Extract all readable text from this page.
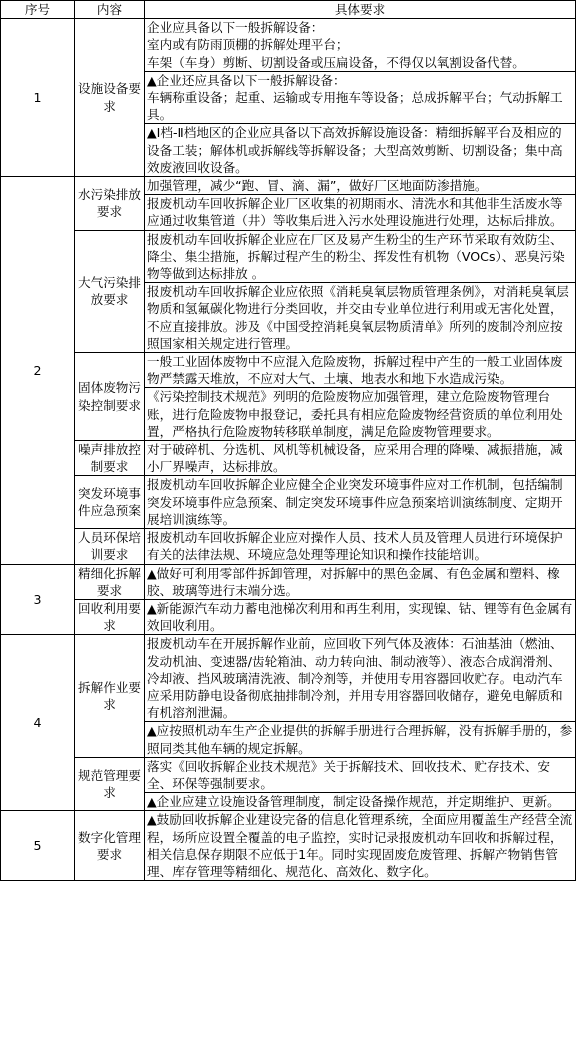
序号	内容	具体要求
1	设施设备要求	企业应具备以下一般拆解设备：
室内或有防雨顶棚的拆解处理平台；
车架（车身）剪断、切割设备或压扁设备，不得仅以氧割设备代替。
		▲企业还应具备以下一般拆解设备：
车辆称重设备；起重、运输或专用拖车等设备；总成拆解平台；气动拆解工具。
		▲Ⅰ档-Ⅱ档地区的企业应具备以下高效拆解设施设备：精细拆解平台及相应的设备工装；解体机或拆解线等拆解设备；大型高效剪断、切割设备；集中高效废液回收设备。
2	水污染排放要求	加强管理，减少“跑、冒、滴、漏”，做好厂区地面防渗措施。
		报废机动车回收拆解企业厂区收集的初期雨水、清洗水和其他非生活废水等应通过收集管道（井）等收集后进入污水处理设施进行处理，达标后排放。
	大气污染排放要求	报废机动车回收拆解企业应在厂区及易产生粉尘的生产环节采取有效防尘、降尘、集尘措施，拆解过程产生的粉尘、挥发性有机物（VOCs）、恶臭污染物等做到达标排放 。
		报废机动车回收拆解企业应依照《消耗臭氧层物质管理条例》，对消耗臭氧层物质和氢氟碳化物进行分类回收，并交由专业单位进行利用或无害化处置，不应直接排放。涉及《中国受控消耗臭氧层物质清单》所列的废制冷剂应按照国家相关规定进行管理。
	固体废物污染控制要求	一般工业固体废物中不应混入危险废物，拆解过程中产生的一般工业固体废物严禁露天堆放，不应对大气、土壤、地表水和地下水造成污染。
		《污染控制技术规范》列明的危险废物应加强管理，建立危险废物管理台账，进行危险废物申报登记，委托具有相应危险废物经营资质的单位利用处置，严格执行危险废物转移联单制度，满足危险废物管理要求。
	噪声排放控制要求	对于破碎机、分选机、风机等机械设备，应采用合理的降噪、减振措施，减小厂界噪声，达标排放。
	突发环境事件应急预案	报废机动车回收拆解企业应健全企业突发环境事件应对工作机制，包括编制突发环境事件应急预案、制定突发环境事件应急预案培训演练制度、定期开展培训演练等。
	人员环保培训要求	报废机动车回收拆解企业应对操作人员、技术人员及管理人员进行环境保护有关的法律法规、环境应急处理等理论知识和操作技能培训。
3	精细化拆解要求	▲做好可利用零部件拆卸管理，对拆解中的黑色金属、有色金属和塑料、橡胶、玻璃等进行末端分选。
	回收利用要求	▲新能源汽车动力蓄电池梯次利用和再生利用，实现镍、钴、锂等有色金属有效回收利用。
4	拆解作业要求	报废机动车在开展拆解作业前，应回收下列气体及液体：石油基油（燃油、发动机油、变速器/齿轮箱油、动力转向油、制动液等）、液态合成润滑剂、冷却液、挡风玻璃清洗液、制冷剂等，并使用专用容器回收贮存。电动汽车应采用防静电设备彻底抽排制冷剂，并用专用容器回收储存，避免电解质和有机溶剂泄漏。
		▲应按照机动车生产企业提供的拆解手册进行合理拆解，没有拆解手册的，参照同类其他车辆的规定拆解。
	规范管理要求	落实《回收拆解企业技术规范》关于拆解技术、回收技术、贮存技术、安全、环保等强制要求。
		▲企业应建立设施设备管理制度，制定设备操作规范，并定期维护、更新。
5	数字化管理要求	▲鼓励回收拆解企业建设完备的信息化管理系统，全面应用覆盖生产经营全流程，场所应设置全覆盖的电子监控，实时记录报废机动车回收和拆解过程，相关信息保存期限不应低于1年。同时实现固废危废管理、拆解产物销售管理、库存管理等精细化、规范化、高效化、数字化。
